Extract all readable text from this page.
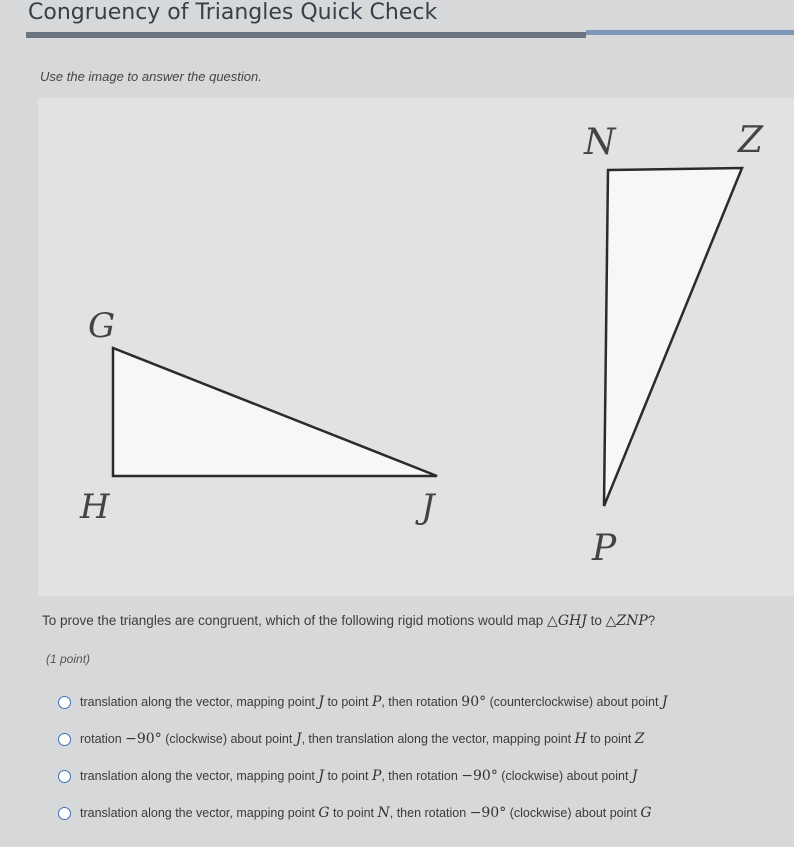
Congruency of Triangles Quick Check
Use the image to answer the question.
G
H	J
N	Z
P
To prove the triangles are congruent, which of the following rigid motions would map △GHJ to △ZNP?
(1 point)
translation along the vector, mapping point J to point P, then rotation 90° (counterclockwise) about point J
rotation −90° (clockwise) about point J, then translation along the vector, mapping point H to point Z
translation along the vector, mapping point J to point P, then rotation −90° (clockwise) about point J
translation along the vector, mapping point G to point N, then rotation −90° (clockwise) about point G
